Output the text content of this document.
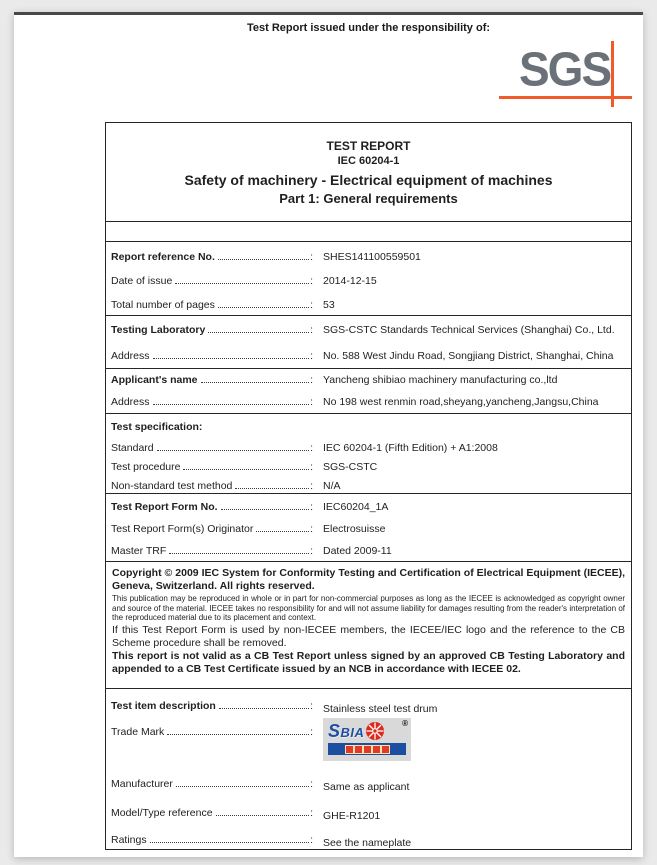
Test Report issued under the responsibility of:
SGS
TEST REPORT
IEC 60204-1
Safety of machinery - Electrical equipment of machines
Part 1: General requirements
Report reference No.	: SHES141100559501
Date of issue	: 2014-12-15
Total number of pages	: 53
Testing Laboratory	: SGS-CSTC Standards Technical Services (Shanghai) Co., Ltd.
Address	: No. 588 West Jindu Road, Songjiang District, Shanghai, China
Applicant's name	: Yancheng shibiao machinery manufacturing co.,ltd
Address	: No 198 west renmin road,sheyang,yancheng,Jangsu,China
Test specification:
Standard	: IEC 60204-1 (Fifth Edition) + A1:2008
Test procedure	: SGS-CSTC
Non-standard test method	: N/A
Test Report Form No.	: IEC60204_1A
Test Report Form(s) Originator	: Electrosuisse
Master TRF	: Dated 2009-11

Copyright © 2009 IEC System for Conformity Testing and Certification of Electrical Equipment (IECEE), Geneva, Switzerland. All rights reserved.

This publication may be reproduced in whole or in part for non-commercial purposes as long as the IECEE is acknowledged as copyright owner and source of the material. IECEE takes no responsibility for and will not assume liability for damages resulting from the reader's interpretation of the reproduced material due to its placement and context.

If this Test Report Form is used by non-IECEE members, the IECEE/IEC logo and the reference to the CB Scheme procedure shall be removed.

This report is not valid as a CB Test Report unless signed by an approved CB Testing Laboratory and appended to a CB Test Certificate issued by an NCB in accordance with IECEE 02.

Test item description	: Stainless steel test drum
Trade Mark	:
®
SBIA
Manufacturer	: Same as applicant
Model/Type reference	: GHE-R1201
Ratings	: See the nameplate
